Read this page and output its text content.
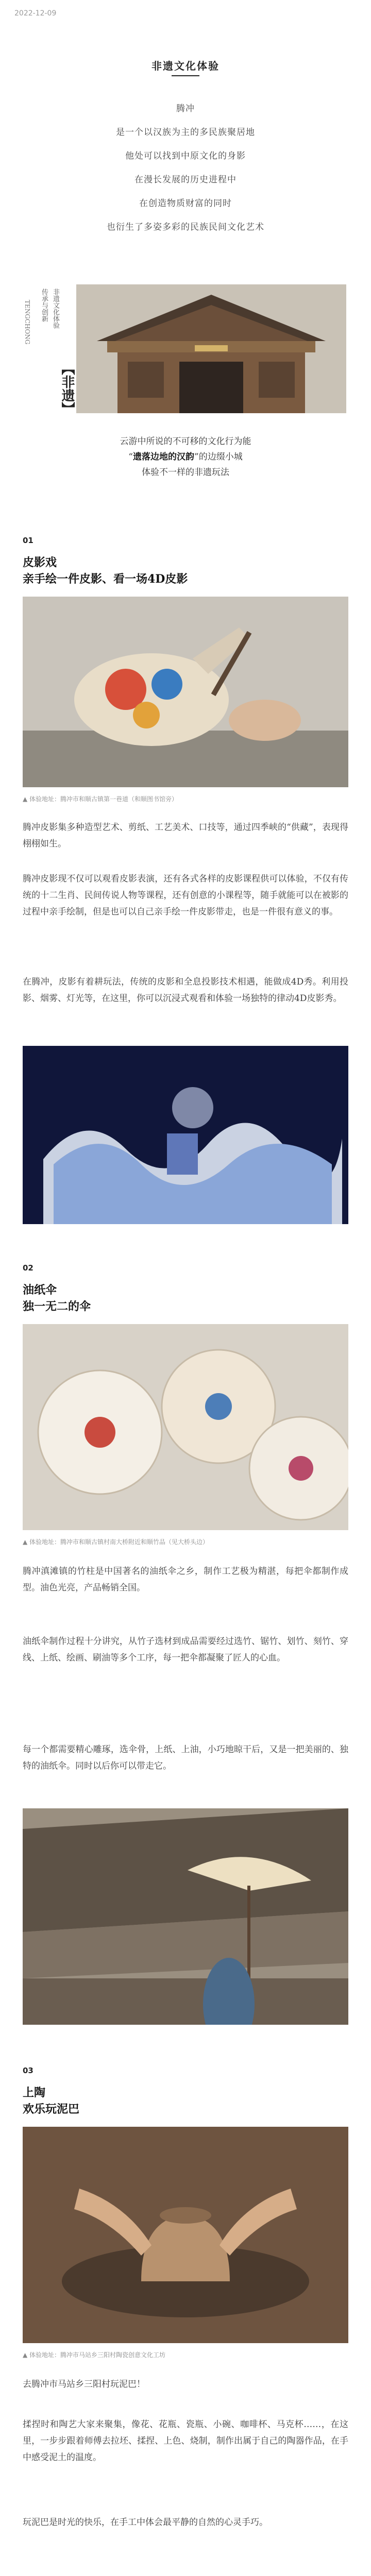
2022-12-09
非遗文化体验
腾冲
是一个以汉族为主的多民族聚居地
他处可以找到中原文化的身影
在漫长发展的历史进程中
在创造物质财富的同时
也衍生了多姿多彩的民族民间文化艺术
非遗文化体验
传承与创新
【非遗】
TENGCHONG
云游中所说的不可移的文化行为能
“遗落边地的汉韵”的边缀小城
体验不一样的非遗玩法
01
皮影戏
亲手绘一件皮影、看一场4D皮影
▲ 体验地址：腾冲市和顺古镇第一巷道（和顺图书馆旁）
腾冲皮影集多种造型艺术、剪纸、工艺美术、口技等，通过四季峡的“供藏”，表现得栩栩如生。
腾冲皮影现不仅可以观看皮影表演，还有各式各样的皮影课程供可以体验，不仅有传统的十二生肖、民间传说人物等课程，还有创意的小课程等，随手就能可以在被影的过程中亲手绘制，但是也可以自己亲手绘一件皮影带走，也是一件很有意义的事。
在腾冲，皮影有着耕玩法，传统的皮影和全息投影技术相遇，能做成4D秀。利用投影、烟雾、灯光等，在这里，你可以沉浸式观看和体验一场独特的律动4D皮影秀。
02
油纸伞
独一无二的伞
▲ 体验地址：腾冲市和顺古镇村南大桥附近和顺竹品（见大桥头边）
腾冲滇滩镇的竹柱是中国著名的油纸伞之乡，制作工艺极为精湛，每把伞都制作成型。油色光亮，产品畅销全国。
油纸伞制作过程十分讲究，从竹子选材到成品需要经过选竹、锯竹、划竹、刻竹、穿线、上纸、绘画、刷油等多个工序，每一把伞都凝聚了匠人的心血。
每一个都需要精心雕琢，选伞骨，上纸、上油，小巧地晾干后，又是一把美丽的、独特的油纸伞。同时以后你可以带走它。
03
上陶
欢乐玩泥巴
▲ 体验地址：腾冲市马站乡三阳村陶瓷创意文化工坊
去腾冲市马站乡三阳村玩泥巴！
揉捏时和陶艺大家来聚集，像花、花瓶、瓷瓶、小碗、咖啡杯、马克杯……，在这里，一步步跟着师傅去拉坯、揉捏、上色、烧制，制作出属于自己的陶器作品，在手中感受泥土的温度。
玩泥巴是时光的快乐，在手工中体会最平静的自然的心灵手巧。
